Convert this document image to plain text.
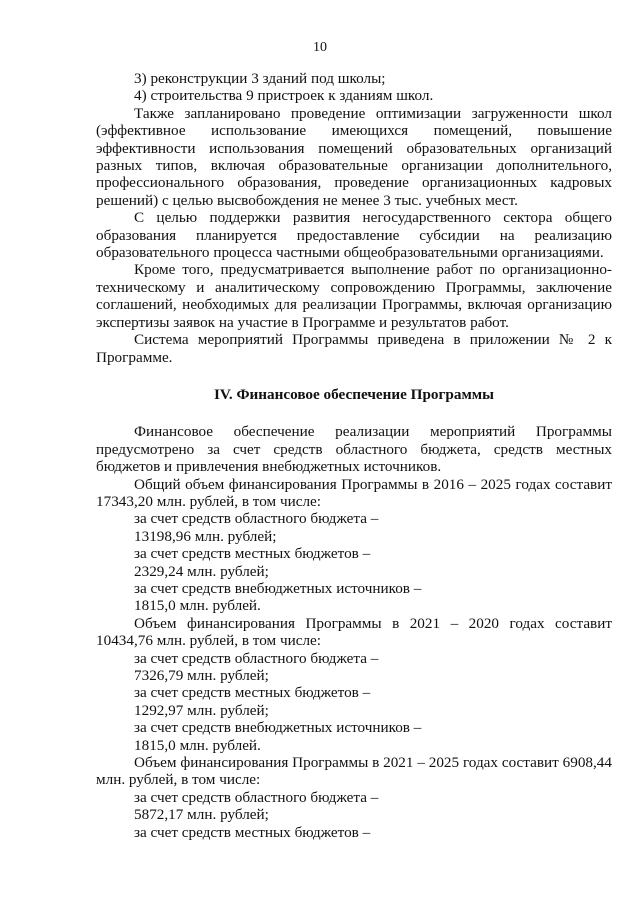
10

3) реконструкции 3 зданий под школы;

4) строительства 9 пристроек к зданиям школ.

Также запланировано проведение оптимизации загруженности школ (эффективное использование имеющихся помещений, повышение эффективности использования помещений образовательных организаций разных типов, включая образовательные организации дополнительного, профессионального образования, проведение организационных кадровых решений) с целью высвобождения не менее 3 тыс. учебных мест.

С целью поддержки развития негосударственного сектора общего образования планируется предоставление субсидии на реализацию образовательного процесса частными общеобразовательными организациями.

Кроме того, предусматривается выполнение работ по организационно-техническому и аналитическому сопровождению Программы, заключение соглашений, необходимых для реализации Программы, включая организацию экспертизы заявок на участие в Программе и результатов работ.

Система мероприятий Программы приведена в приложении № 2 к Программе.

IV. Финансовое обеспечение Программы

Финансовое обеспечение реализации мероприятий Программы предусмотрено за счет средств областного бюджета, средств местных бюджетов и привлечения внебюджетных источников.

Общий объем финансирования Программы в 2016 – 2025 годах составит 17343,20 млн. рублей, в том числе:

за счет средств областного бюджета –

13198,96 млн. рублей;

за счет средств местных бюджетов –

2329,24 млн. рублей;

за счет средств внебюджетных источников –

1815,0 млн. рублей.

Объем финансирования Программы в 2021 – 2020 годах составит 10434,76 млн. рублей, в том числе:

за счет средств областного бюджета –

7326,79 млн. рублей;

за счет средств местных бюджетов –

1292,97 млн. рублей;

за счет средств внебюджетных источников –

1815,0 млн. рублей.

Объем финансирования Программы в 2021 – 2025 годах составит 6908,44 млн. рублей, в том числе:

за счет средств областного бюджета –

5872,17 млн. рублей;

за счет средств местных бюджетов –
